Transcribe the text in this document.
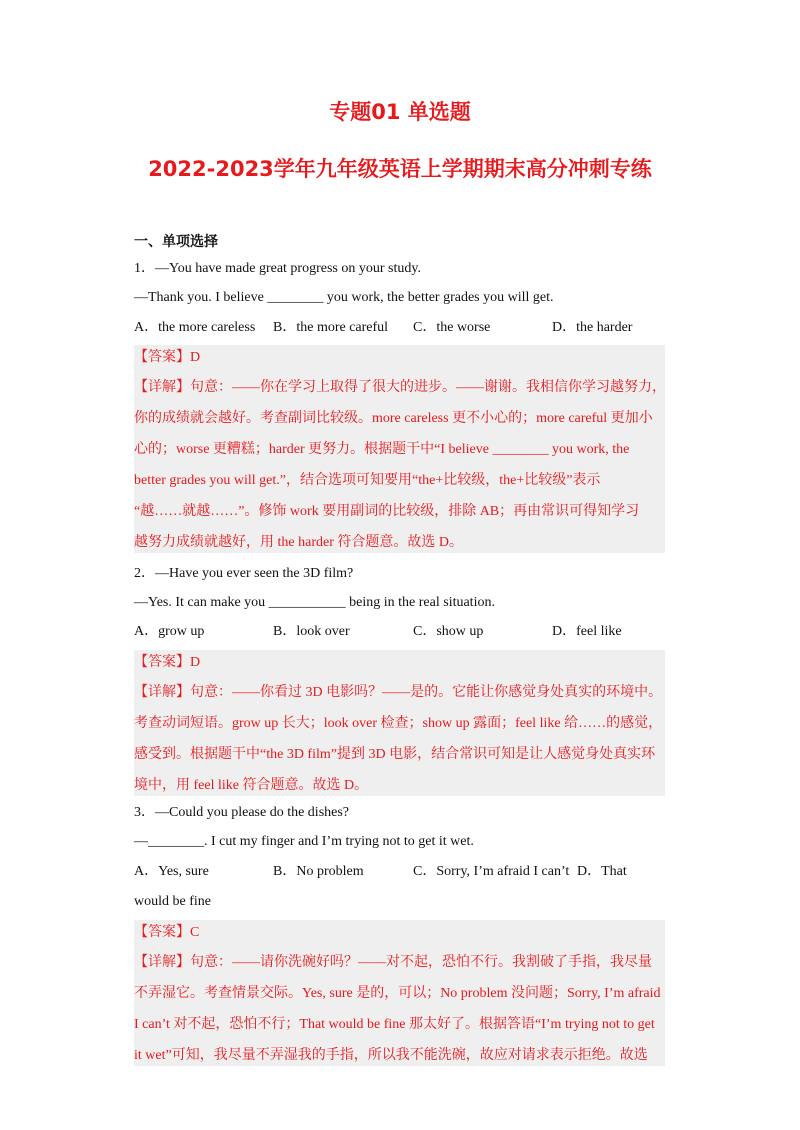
专题01 单选题
2022-2023学年九年级英语上学期期末高分冲刺专练
一、单项选择
1．—You have made great progress on your study.
—Thank you. I believe ________ you work, the better grades you will get.
A．the more careless B．the more careful C．the worse	D．the harder
【答案】D
【详解】句意：——你在学习上取得了很大的进步。——谢谢。我相信你学习越努力，
你的成绩就会越好。考查副词比较级。more careless 更不小心的；more careful 更加小
心的；worse 更糟糕；harder 更努力。根据题干中“I believe ________ you work, the
better grades you will get.”，结合选项可知要用“the+比较级，the+比较级”表示
“越……就越……”。修饰 work 要用副词的比较级，排除 AB；再由常识可得知学习
越努力成绩就越好，用 the harder 符合题意。故选 D。
2．—Have you ever seen the 3D film?
—Yes. It can make you ___________ being in the real situation.
A．grow up	B．look over	C．show up	D．feel like
【答案】D
【详解】句意：——你看过 3D 电影吗？——是的。它能让你感觉身处真实的环境中。
考查动词短语。grow up 长大；look over 检查；show up 露面；feel like 给……的感觉，
感受到。根据题干中“the 3D film”提到 3D 电影，结合常识可知是让人感觉身处真实环
境中，用 feel like 符合题意。故选 D。
3．—Could you please do the dishes?
—________. I cut my finger and I’m trying not to get it wet.
A．Yes, sure	B．No problem	C．Sorry, I’m afraid I can’t D．That
would be fine
【答案】C
【详解】句意：——请你洗碗好吗？——对不起，恐怕不行。我割破了手指，我尽量
不弄湿它。考查情景交际。Yes, sure 是的，可以；No problem 没问题；Sorry, I’m afraid
I can’t 对不起，恐怕不行；That would be fine 那太好了。根据答语“I’m trying not to get
it wet”可知，我尽量不弄湿我的手指，所以我不能洗碗，故应对请求表示拒绝。故选
